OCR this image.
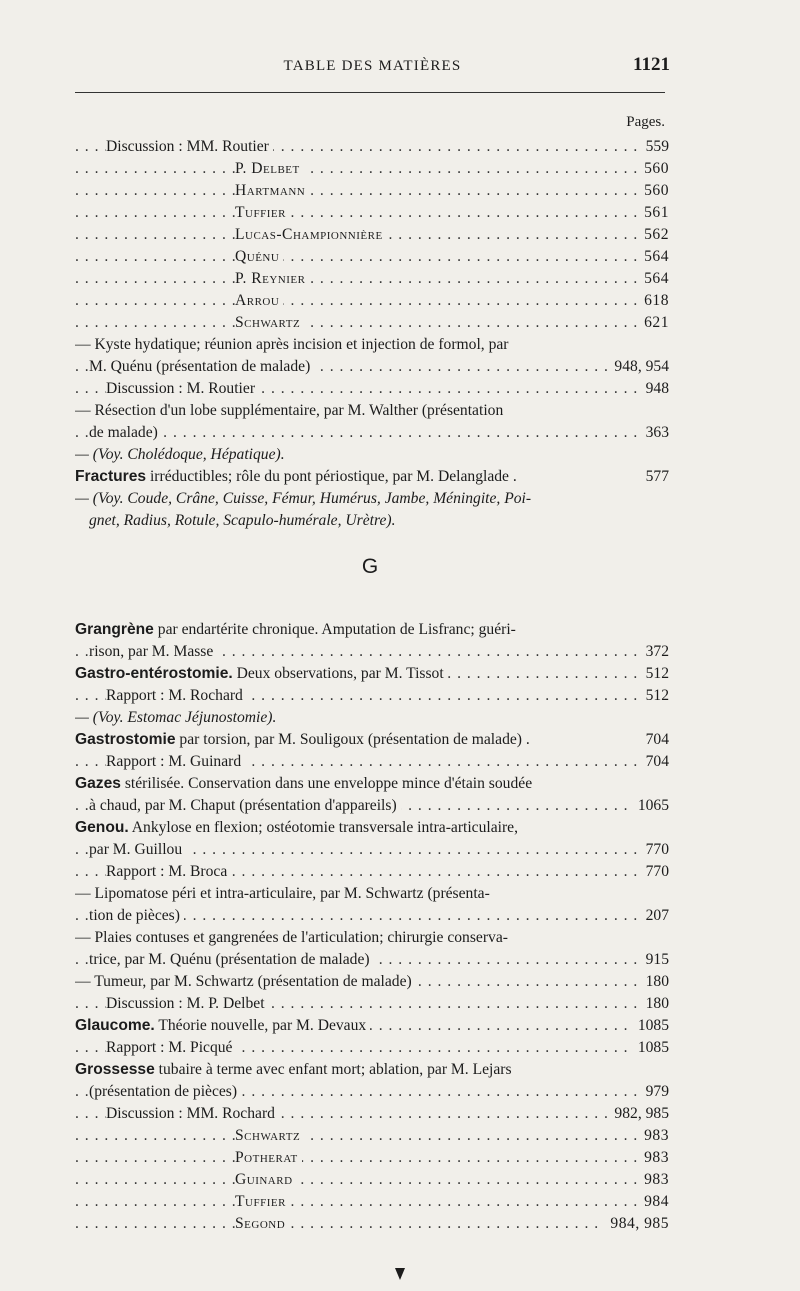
TABLE DES MATIÈRES	1121
Pages.
Discussion : MM. Routier	559
. . .
P. Delbet	560
. . .
Hartmann	560
. . .
Tuffier	561
. . .
Lucas-Championnière	562
. . .
Quénu	564
. . .
P. Reynier	564
. . .
Arrou	618
. . .
Schwartz	621
. . .
— Kyste hydatique; réunion après incision et injection de formol, par
M. Quénu (présentation de malade)	948, 954
. . .
Discussion : M. Routier	948
. . .
— Résection d'un lobe supplémentaire, par M. Walther (présentation
de malade)	363
. . .
— (Voy. Cholédoque, Hépatique).
Fractures irréductibles; rôle du pont périostique, par M. Delanglade .	577
— (Voy. Coude, Crâne, Cuisse, Fémur, Humérus, Jambe, Méningite, Poi-
gnet, Radius, Rotule, Scapulo-humérale, Urètre).
G
Grangrène par endartérite chronique. Amputation de Lisfranc; guéri-
rison, par M. Masse	372
. . .
Gastro-entérostomie. Deux observations, par M. Tissot	512
. . .
Rapport : M. Rochard	512
. . .
— (Voy. Estomac Jéjunostomie).
Gastrostomie par torsion, par M. Souligoux (présentation de malade) .	704
Rapport : M. Guinard	704
. . .
Gazes stérilisée. Conservation dans une enveloppe mince d'étain soudée
à chaud, par M. Chaput (présentation d'appareils)	1065
. . .
Genou. Ankylose en flexion; ostéotomie transversale intra-articulaire,
par M. Guillou	770
. . .
Rapport : M. Broca	770
. . .
— Lipomatose péri et intra-articulaire, par M. Schwartz (présenta-
tion de pièces)	207
. . .
— Plaies contuses et gangrenées de l'articulation; chirurgie conserva-
trice, par M. Quénu (présentation de malade)	915
. . .
— Tumeur, par M. Schwartz (présentation de malade)	180
. . .
Discussion : M. P. Delbet	180
. . .
Glaucome. Théorie nouvelle, par M. Devaux	1085
. . .
Rapport : M. Picqué	1085
. . .
Grossesse tubaire à terme avec enfant mort; ablation, par M. Lejars
(présentation de pièces)	979
. . .
Discussion : MM. Rochard	982, 985
. . .
Schwartz	983
. . .
Potherat	983
. . .
Guinard	983
. . .
Tuffier	984
. . .
Segond	984, 985
. . .
